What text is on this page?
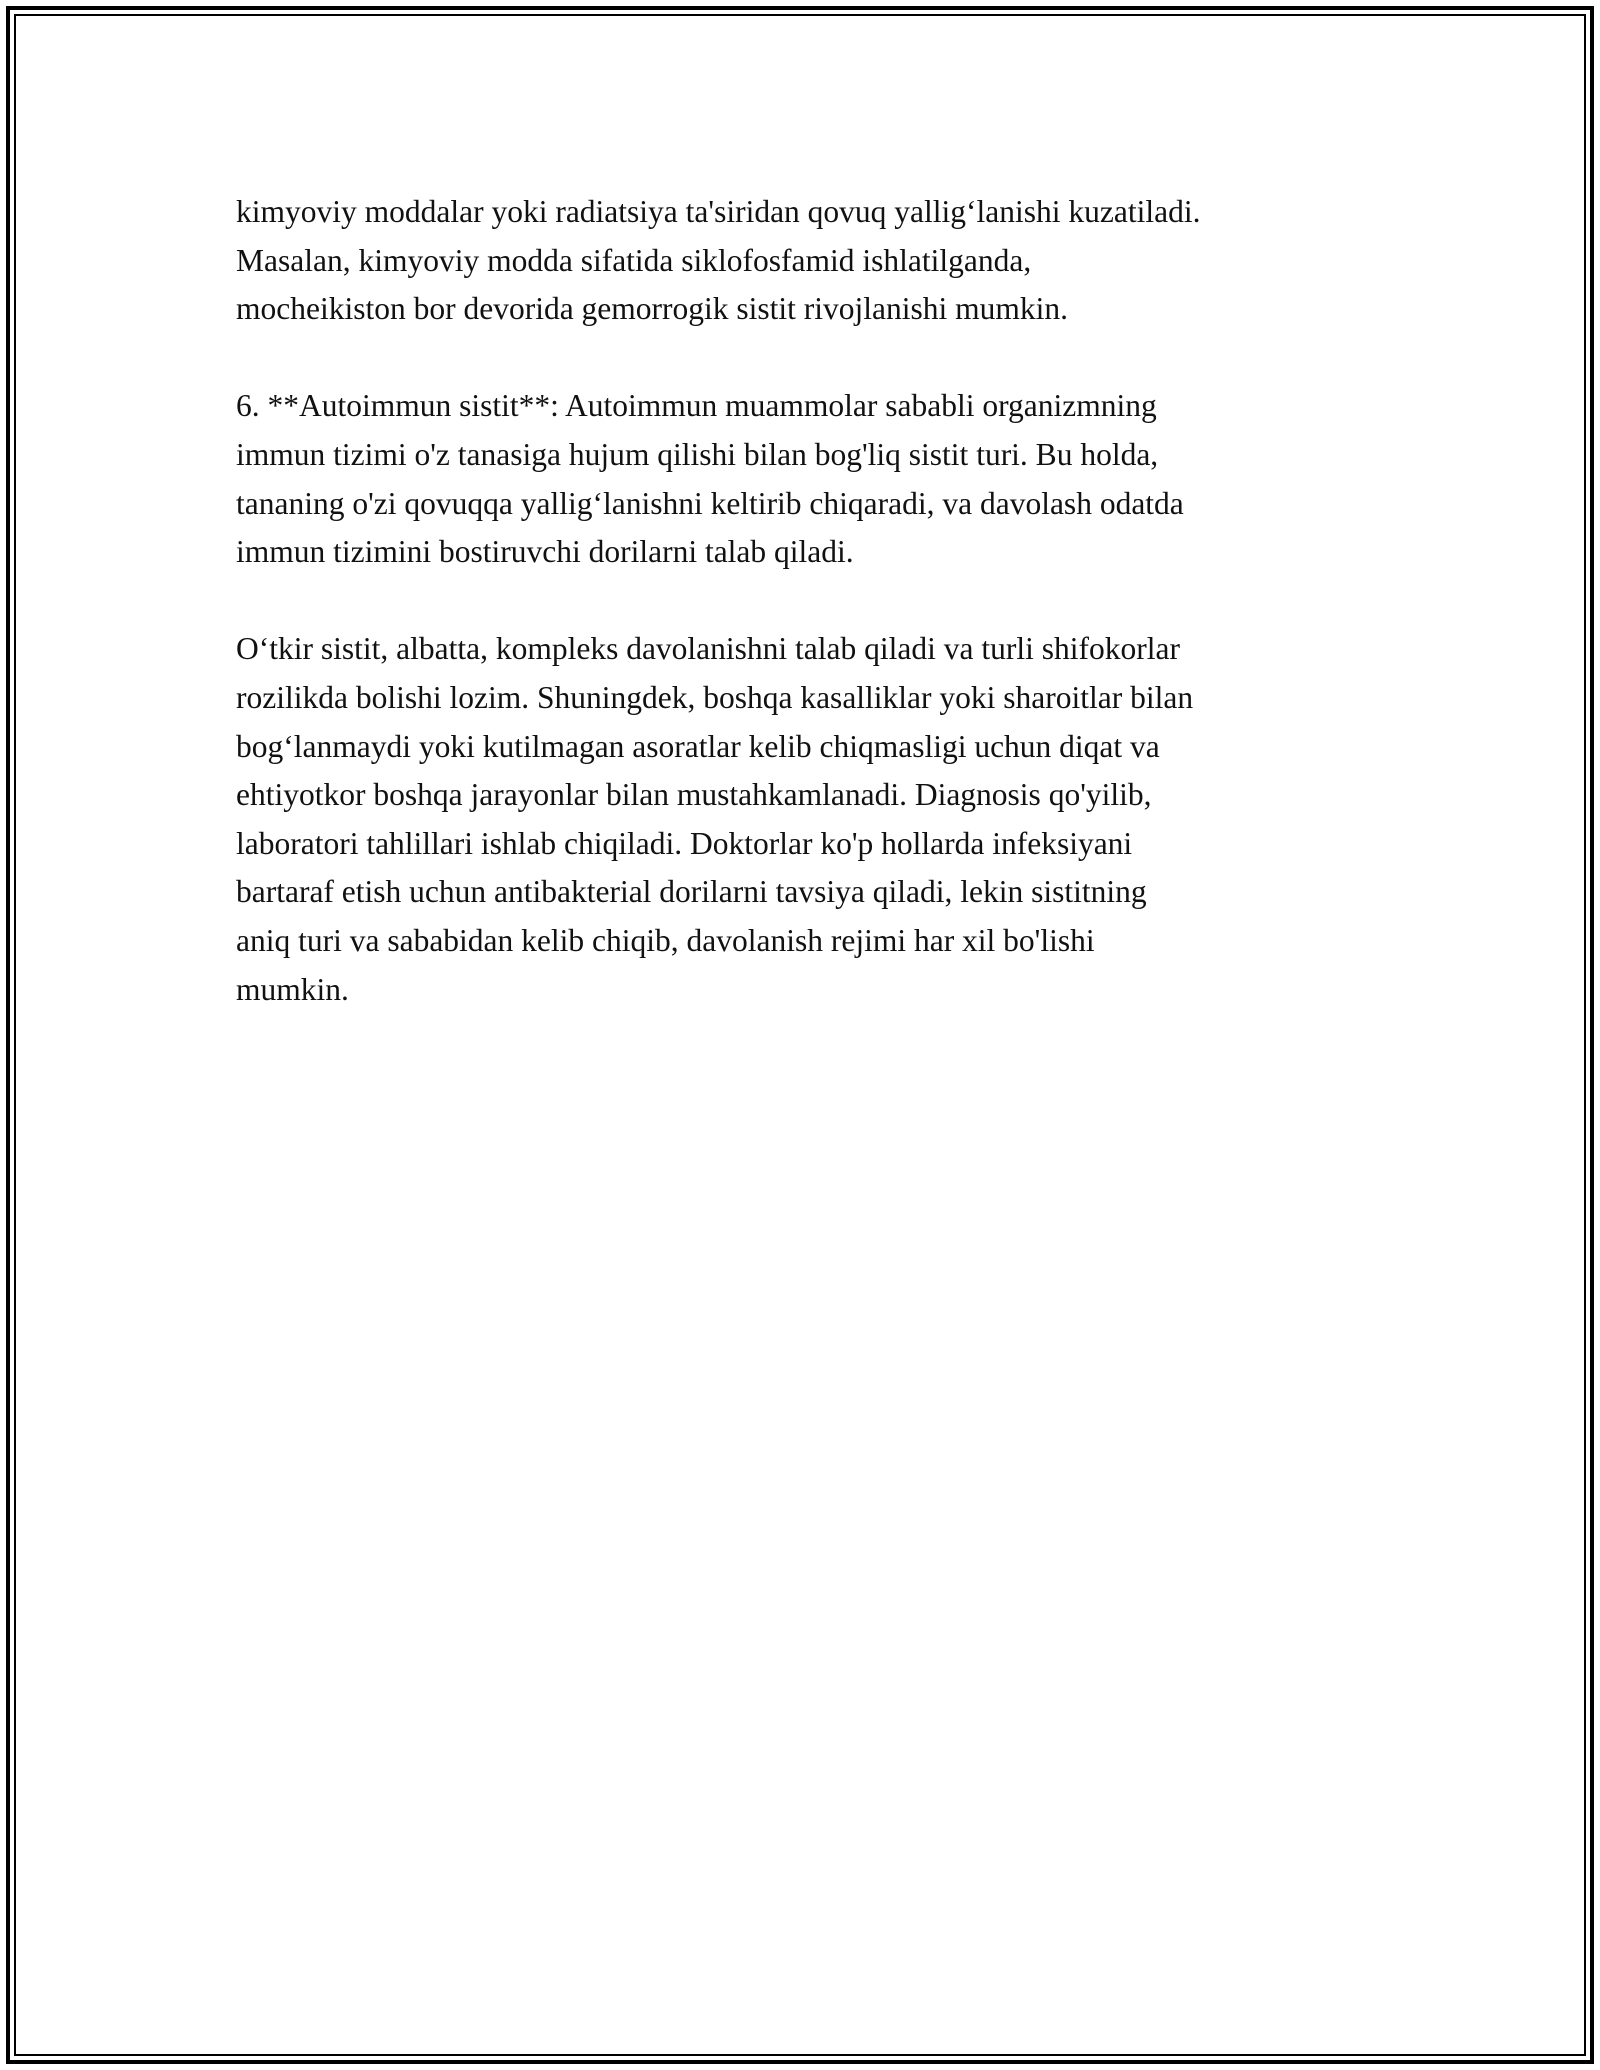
kimyoviy moddalar yoki radiatsiya ta'siridan qovuq yallig‘lanishi kuzatiladi.
Masalan, kimyoviy modda sifatida siklofosfamid ishlatilganda,
mocheikiston bor devorida gemorrogik sistit rivojlanishi mumkin.

6. **Autoimmun sistit**: Autoimmun muammolar sababli organizmning
immun tizimi o'z tanasiga hujum qilishi bilan bog'liq sistit turi. Bu holda,
tananing o'zi qovuqqa yallig‘lanishni keltirib chiqaradi, va davolash odatda
immun tizimini bostiruvchi dorilarni talab qiladi.

O‘tkir sistit, albatta, kompleks davolanishni talab qiladi va turli shifokorlar
rozilikda bolishi lozim. Shuningdek, boshqa kasalliklar yoki sharoitlar bilan
bog‘lanmaydi yoki kutilmagan asoratlar kelib chiqmasligi uchun diqat va
ehtiyotkor boshqa jarayonlar bilan mustahkamlanadi. Diagnosis qo'yilib,
laboratori tahlillari ishlab chiqiladi. Doktorlar ko'p hollarda infeksiyani
bartaraf etish uchun antibakterial dorilarni tavsiya qiladi, lekin sistitning
aniq turi va sababidan kelib chiqib, davolanish rejimi har xil bo'lishi
mumkin.
